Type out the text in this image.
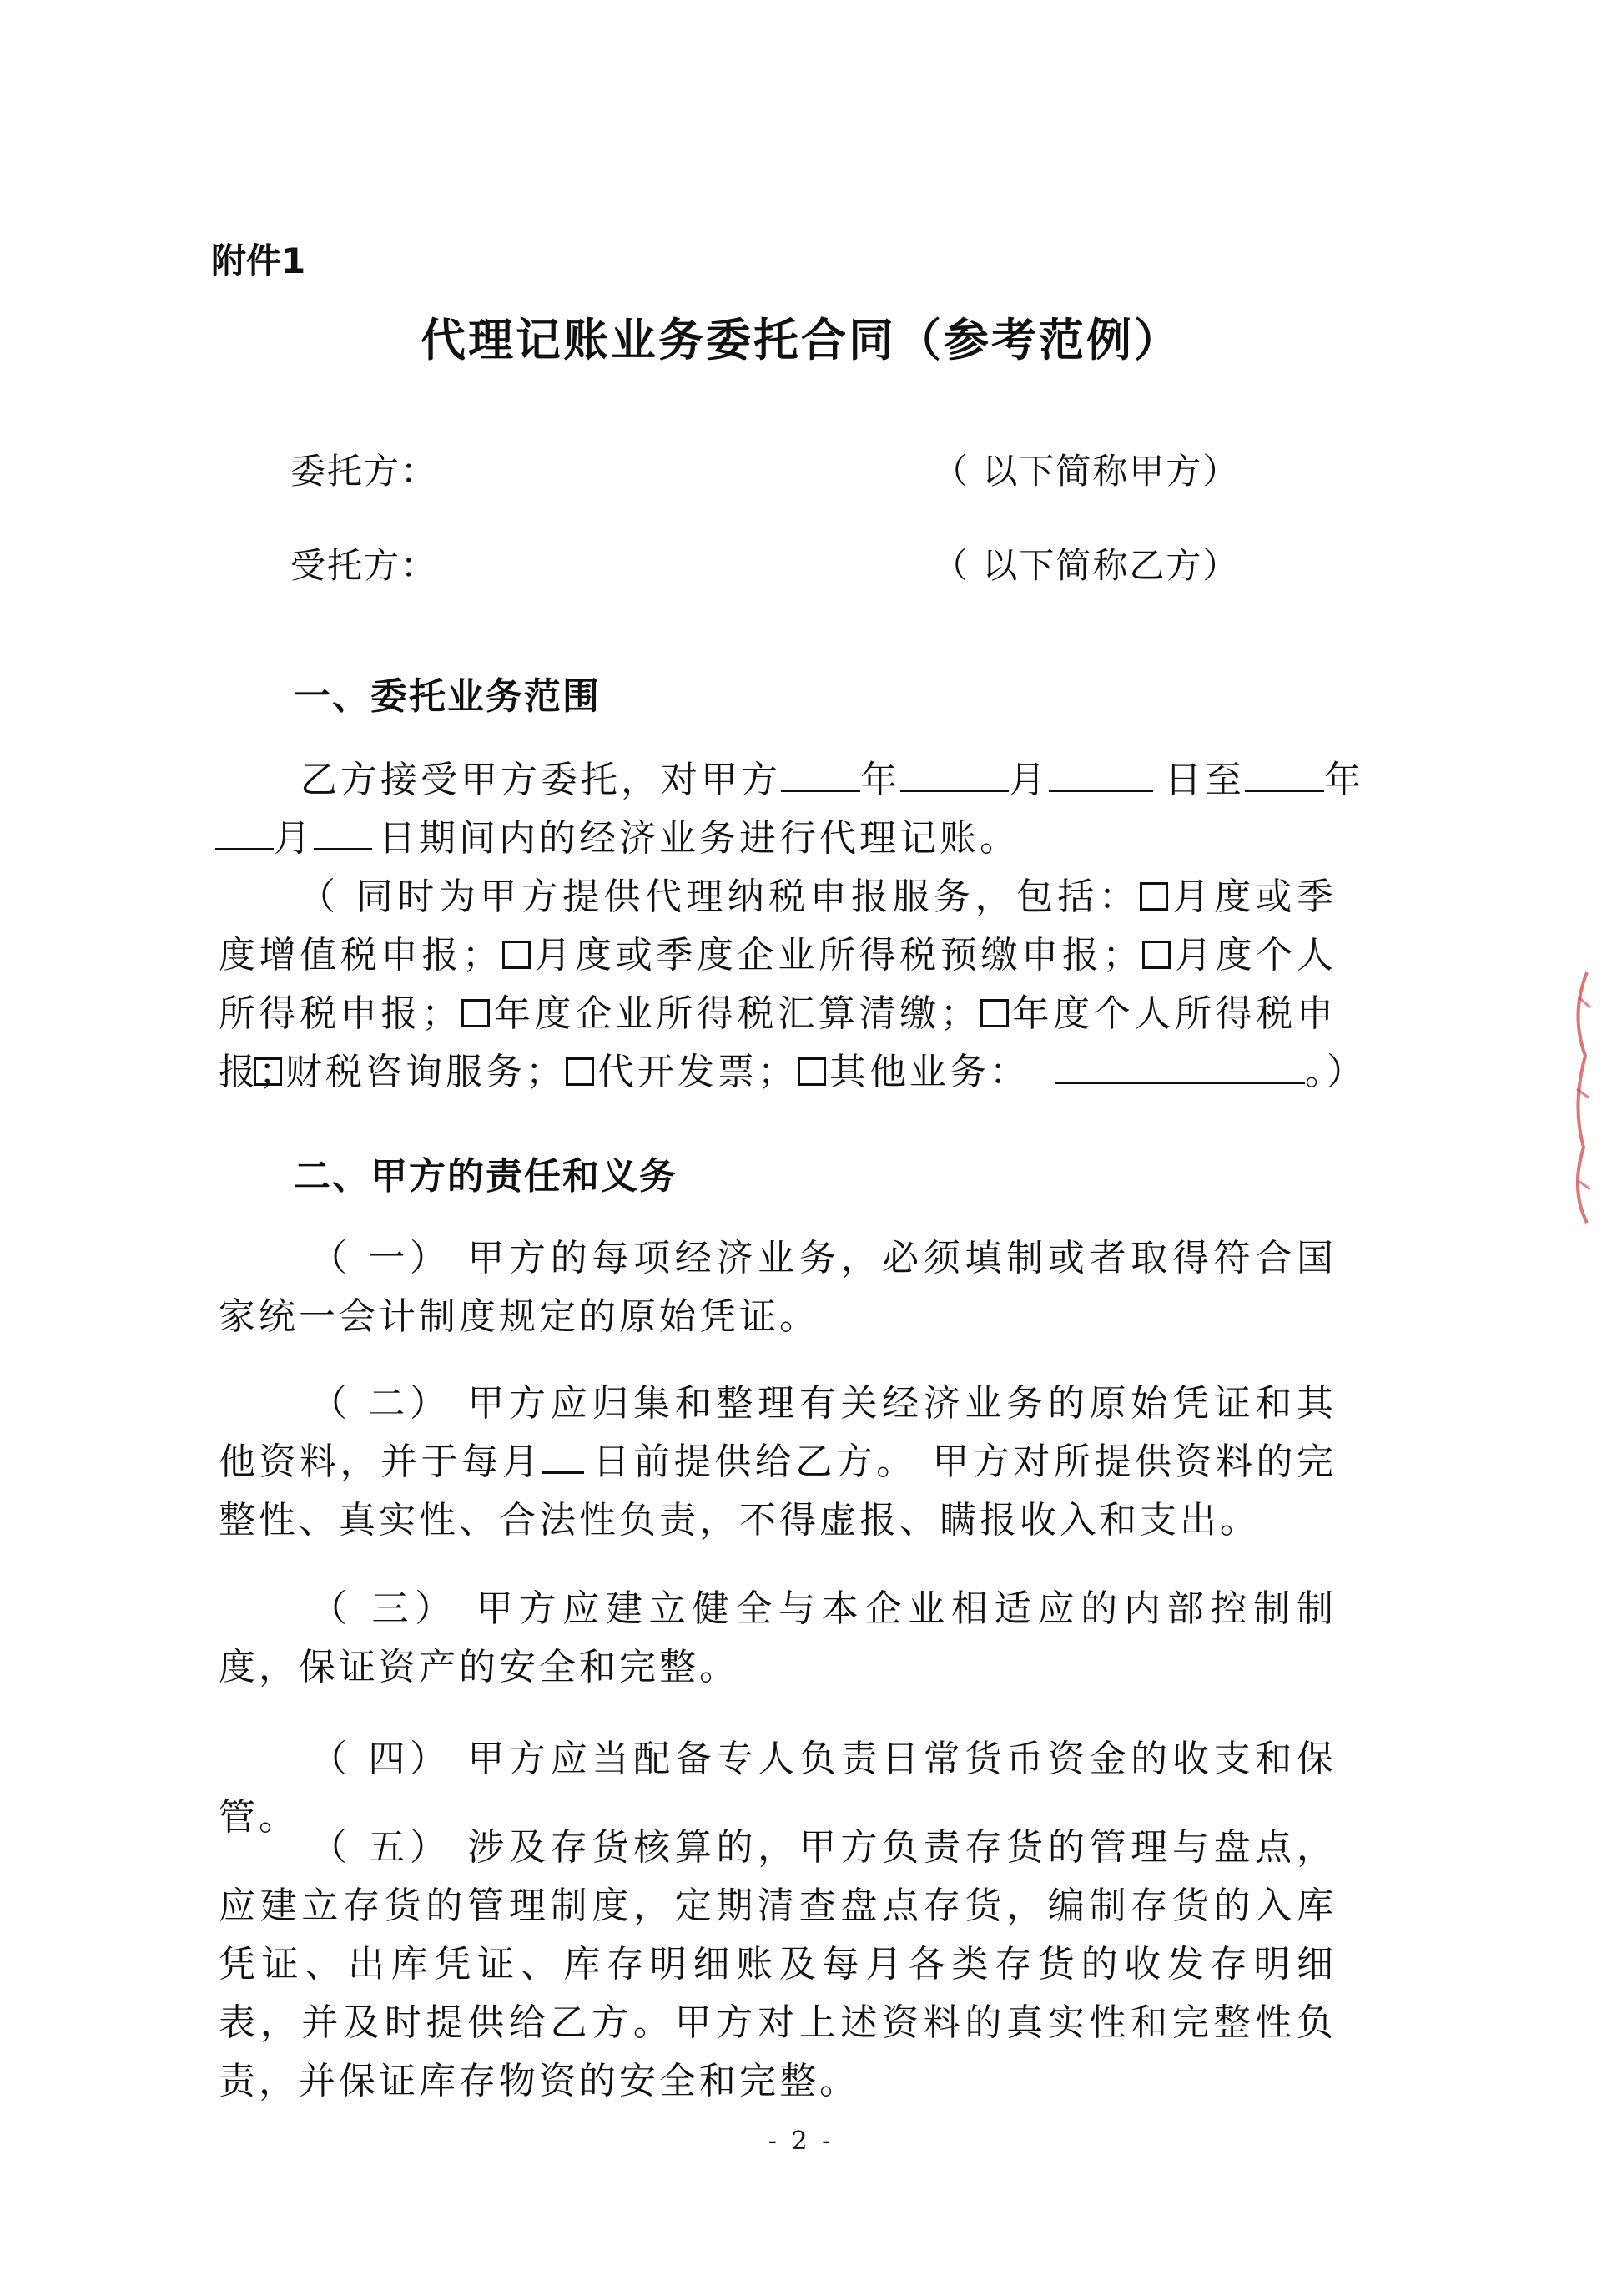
附件1
代理记账业务委托合同（参考范例）
委托方：	（ 以下简称甲方）
受托方：	（ 以下简称乙方）
一、委托业务范围
乙方接受甲方委托，对甲方 年	月	日至 年
月 日期间内的经济业务进行代理记账。
（ 同时为甲方提供代理纳税申报服务，包括： 月度或季度增值税申报； 月度或季度企业所得税预缴申报； 月度个人所得税申报； 年度企业所得税汇算清缴； 年度个人所得税申报；
财税咨询服务； 代开发票； 其他业务：	。）
二、甲方的责任和义务
（ 一） 甲方的每项经济业务，必须填制或者取得符合国家统一会计制度规定的原始凭证。
（ 二） 甲方应归集和整理有关经济业务的原始凭证和其他资料，并于每月 日前提供给乙方。 甲方对所提供资料的完整性、真实性、合法性负责，不得虚报、瞒报收入和支出。
（ 三） 甲方应建立健全与本企业相适应的内部控制制度，保证资产的安全和完整。
（ 四） 甲方应当配备专人负责日常货币资金的收支和保管。
（ 五） 涉及存货核算的，甲方负责存货的管理与盘点，应建立存货的管理制度，定期清查盘点存货，编制存货的入库凭证、出库凭证、库存明细账及每月各类存货的收发存明细表，并及时提供给乙方。甲方对上述资料的真实性和完整性负责，并保证库存物资的安全和完整。
- 2 -
